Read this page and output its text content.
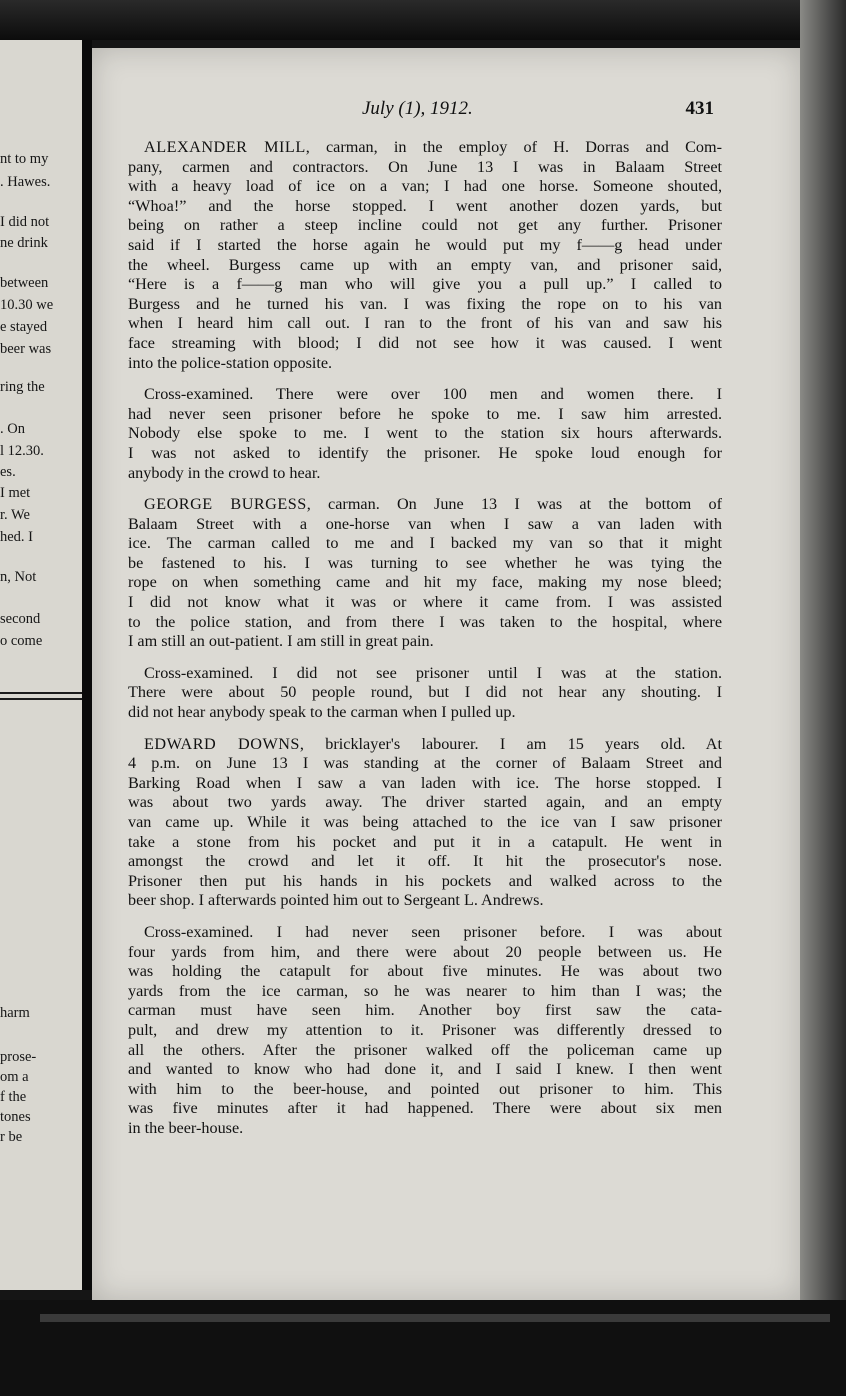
nt to my
. Hawes.
I did not
ne drink
between
10.30 we
e stayed
beer was
ring the
. On
l 12.30.
es.
I met
r. We
hed. I
n, Not
second
o come
harm
prose-
om a
f the
tones
r be
July (1), 1912.	431
ALEXANDER MILL, carman, in the employ of H. Dorras and Com-
pany, carmen and contractors. On June 13 I was in Balaam Street
with a heavy load of ice on a van; I had one horse. Someone shouted,
“Whoa!” and the horse stopped. I went another dozen yards, but
being on rather a steep incline could not get any further. Prisoner
said if I started the horse again he would put my f——g head under
the wheel. Burgess came up with an empty van, and prisoner said,
“Here is a f——g man who will give you a pull up.” I called to
Burgess and he turned his van. I was fixing the rope on to his van
when I heard him call out. I ran to the front of his van and saw his
face streaming with blood; I did not see how it was caused. I went
into the police-station opposite.
Cross-examined. There were over 100 men and women there. I
had never seen prisoner before he spoke to me. I saw him arrested.
Nobody else spoke to me. I went to the station six hours afterwards.
I was not asked to identify the prisoner. He spoke loud enough for
anybody in the crowd to hear.
GEORGE BURGESS, carman. On June 13 I was at the bottom of
Balaam Street with a one-horse van when I saw a van laden with
ice. The carman called to me and I backed my van so that it might
be fastened to his. I was turning to see whether he was tying the
rope on when something came and hit my face, making my nose bleed;
I did not know what it was or where it came from. I was assisted
to the police station, and from there I was taken to the hospital, where
I am still an out-patient. I am still in great pain.
Cross-examined. I did not see prisoner until I was at the station.
There were about 50 people round, but I did not hear any shouting. I
did not hear anybody speak to the carman when I pulled up.
EDWARD DOWNS, bricklayer's labourer. I am 15 years old. At
4 p.m. on June 13 I was standing at the corner of Balaam Street and
Barking Road when I saw a van laden with ice. The horse stopped. I
was about two yards away. The driver started again, and an empty
van came up. While it was being attached to the ice van I saw prisoner
take a stone from his pocket and put it in a catapult. He went in
amongst the crowd and let it off. It hit the prosecutor's nose.
Prisoner then put his hands in his pockets and walked across to the
beer shop. I afterwards pointed him out to Sergeant L. Andrews.
Cross-examined. I had never seen prisoner before. I was about
four yards from him, and there were about 20 people between us. He
was holding the catapult for about five minutes. He was about two
yards from the ice carman, so he was nearer to him than I was; the
carman must have seen him. Another boy first saw the cata-
pult, and drew my attention to it. Prisoner was differently dressed to
all the others. After the prisoner walked off the policeman came up
and wanted to know who had done it, and I said I knew. I then went
with him to the beer-house, and pointed out prisoner to him. This
was five minutes after it had happened. There were about six men
in the beer-house.
